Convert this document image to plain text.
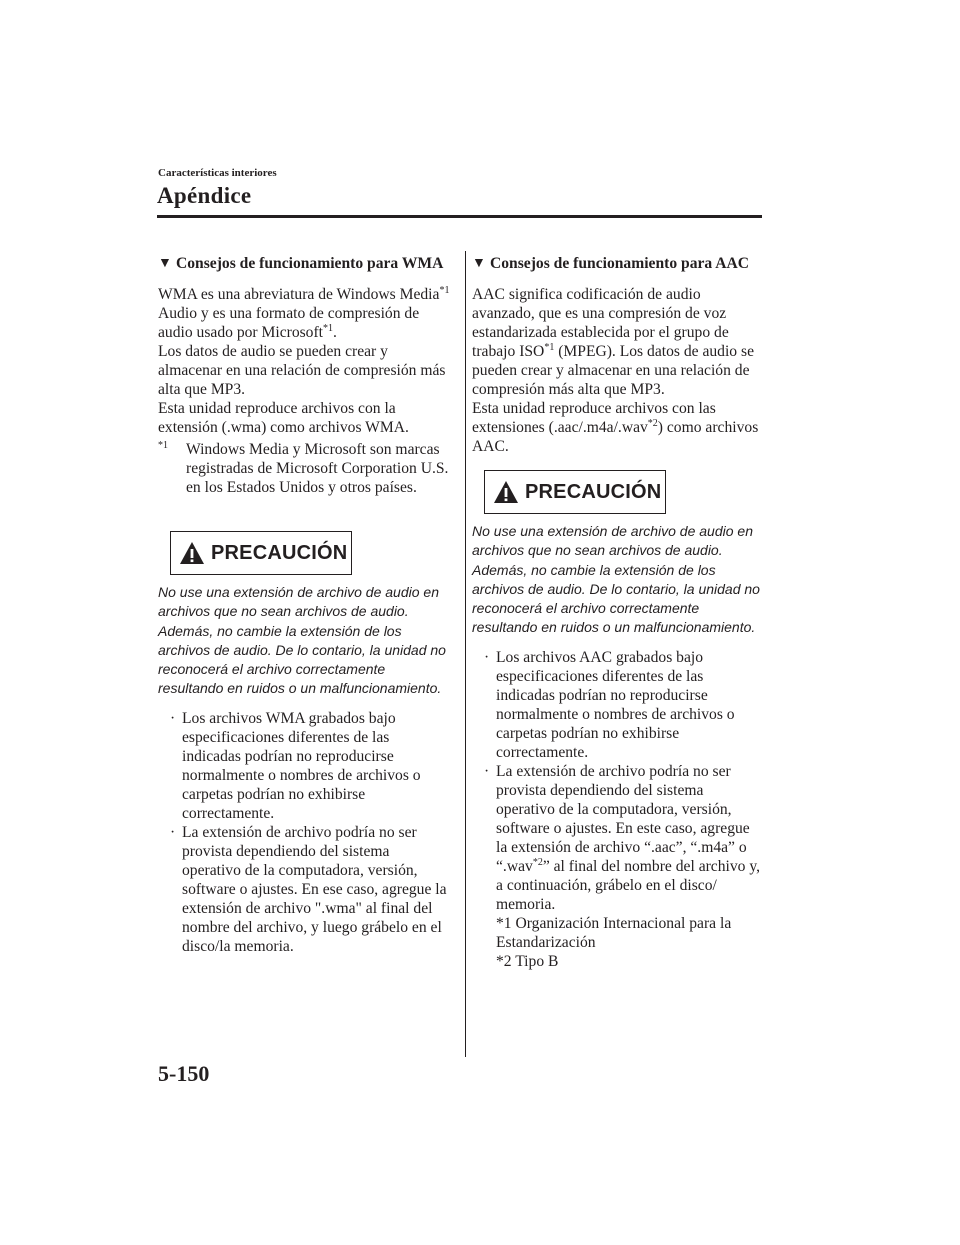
Características interiores
Apéndice
▼ Consejos de funcionamiento para WMA

WMA es una abreviatura de Windows Media$^{*1}$ Audio y es una formato de compresión de audio usado por Microsoft$^{*1}$.

Los datos de audio se pueden crear y almacenar en una relación de compresión más alta que MP3.

Esta unidad reproduce archivos con la extensión (.wma) como archivos WMA.

$^{*1}$	Windows Media y Microsoft son marcas registradas de Microsoft Corporation U.S. en los Estados Unidos y otros países.
PRECAUCIÓN

No use una extensión de archivo de audio en archivos que no sean archivos de audio. Además, no cambie la extensión de los archivos de audio. De lo contario, la unidad no reconocerá el archivo correctamente resultando en ruidos o un malfuncionamiento.

· Los archivos WMA grabados bajo especificaciones diferentes de las indicadas podrían no reproducirse normalmente o nombres de archivos o carpetas podrían no exhibirse correctamente.
· La extensión de archivo podría no ser provista dependiendo del sistema operativo de la computadora, versión, software o ajustes. En ese caso, agregue la extensión de archivo ".wma" al final del nombre del archivo, y luego grábelo en el disco/la memoria.
▼ Consejos de funcionamiento para AAC

AAC significa codificación de audio avanzado, que es una compresión de voz estandarizada establecida por el grupo de trabajo ISO$^{*1}$ (MPEG). Los datos de audio se pueden crear y almacenar en una relación de compresión más alta que MP3.

Esta unidad reproduce archivos con las extensiones (.aac/.m4a/.wav$^{*2}$) como archivos AAC.

PRECAUCIÓN

No use una extensión de archivo de audio en archivos que no sean archivos de audio. Además, no cambie la extensión de los archivos de audio. De lo contario, la unidad no reconocerá el archivo correctamente resultando en ruidos o un malfuncionamiento.

· Los archivos AAC grabados bajo especificaciones diferentes de las indicadas podrían no reproducirse normalmente o nombres de archivos o carpetas podrían no exhibirse correctamente.
· La extensión de archivo podría no ser provista dependiendo del sistema operativo de la computadora, versión, software o ajustes. En este caso, agregue la extensión de archivo “.aac”, “.m4a” o “.wav$^{*2}$” al final del nombre del archivo y, a continuación, grábelo en el disco/ memoria.
*1 Organización Internacional para la Estandarización
*2 Tipo B
5-150
